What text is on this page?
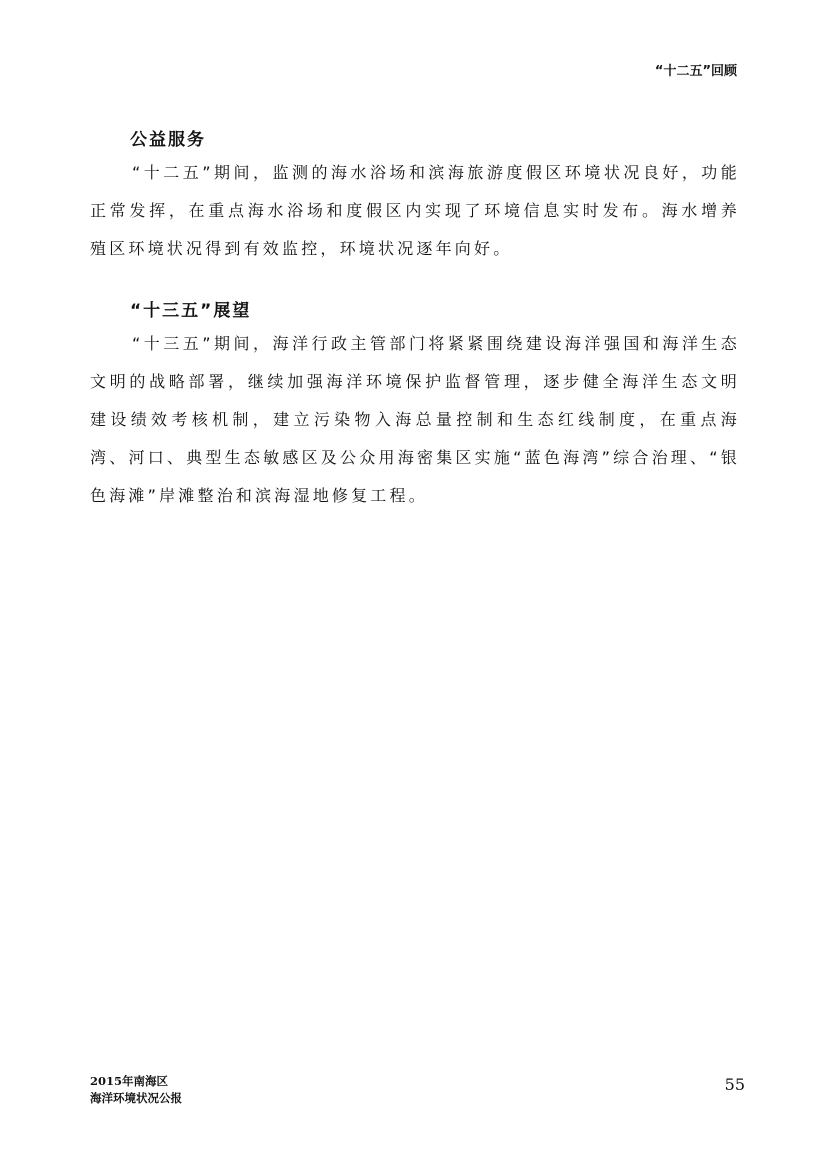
“十二五”回顾
公益服务

“十二五”期间，监测的海水浴场和滨海旅游度假区环境状况良好，功能正常发挥，在重点海水浴场和度假区内实现了环境信息实时发布。海水增养殖区环境状况得到有效监控，环境状况逐年向好。

“十三五”展望

“十三五”期间，海洋行政主管部门将紧紧围绕建设海洋强国和海洋生态文明的战略部署，继续加强海洋环境保护监督管理，逐步健全海洋生态文明建设绩效考核机制，建立污染物入海总量控制和生态红线制度，在重点海湾、河口、典型生态敏感区及公众用海密集区实施“蓝色海湾”综合治理、“银色海滩”岸滩整治和滨海湿地修复工程。

2015年南海区
海洋环境状况公报
55
